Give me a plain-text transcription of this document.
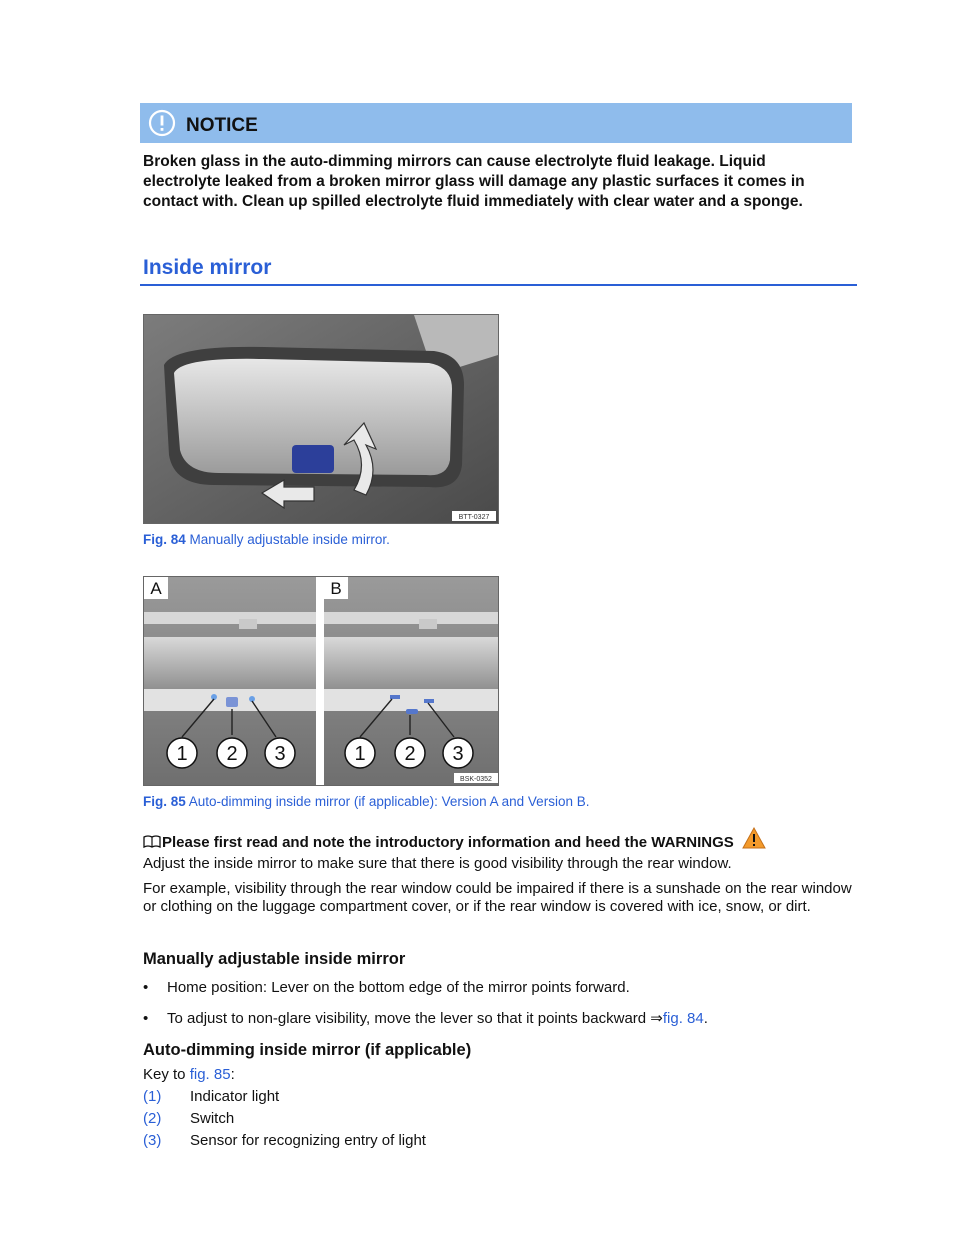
NOTICE
Broken glass in the auto-dimming mirrors can cause electrolyte fluid leakage. Liquid electrolyte leaked from a broken mirror glass will damage any plastic surfaces it comes in contact with. Clean up spilled electrolyte fluid immediately with clear water and a sponge.
Inside mirror
BTT-0327
Fig. 84 Manually adjustable inside mirror.
A
1 2 3
B
1 2 3
BSK-0352
Fig. 85 Auto-dimming inside mirror (if applicable): Version A and Version B.
Please first read and note the introductory information and heed the WARNINGS
Adjust the inside mirror to make sure that there is good visibility through the rear window.
For example, visibility through the rear window could be impaired if there is a sunshade on the rear window or clothing on the luggage compartment cover, or if the rear window is covered with ice, snow, or dirt.
Manually adjustable inside mirror
• Home position: Lever on the bottom edge of the mirror points forward.
• To adjust to non-glare visibility, move the lever so that it points backward ⇒fig. 84.
Auto-dimming inside mirror (if applicable)
Key to fig. 85:
(1) Indicator light
(2) Switch
(3) Sensor for recognizing entry of light
